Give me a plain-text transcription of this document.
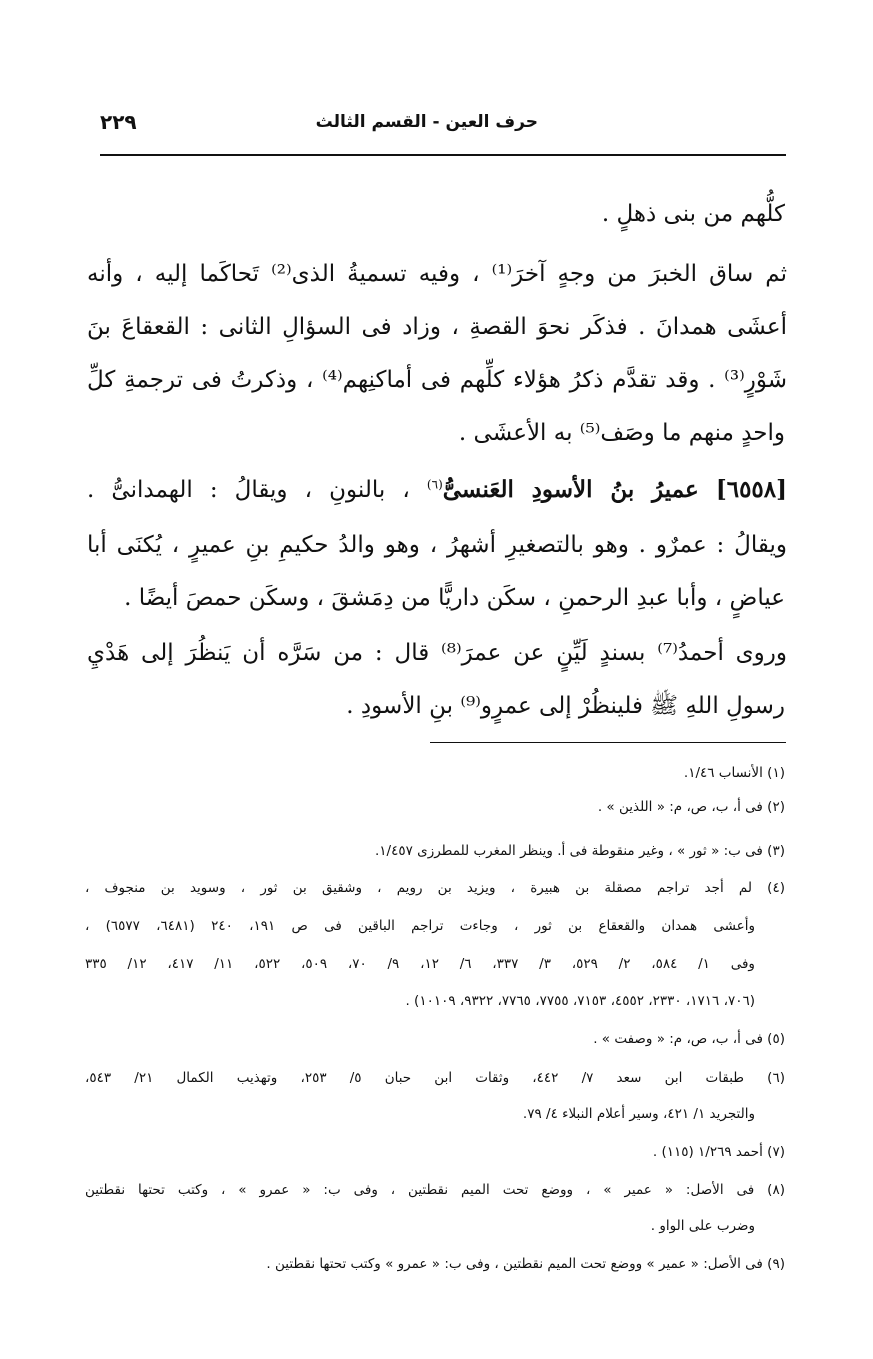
حرف العين - القسم الثالث
٢٢٩
كلُّهم من بنى ذهلٍ .
ثم ساق الخبرَ من وجهٍ آخرَ⁽¹⁾ ، وفيه تسميةُ الذى⁽²⁾ تَحاكَما إليه ، وأنه
أعشَى همدانَ . فذكَر نحوَ القصةِ ، وزاد فى السؤالِ الثانى : القعقاعَ بنَ
شَوْرٍ⁽³⁾ . وقد تقدَّم ذكرُ هؤلاء كلِّهم فى أماكنِهم⁽⁴⁾ ، وذكرتُ فى ترجمةِ كلِّ
واحدٍ منهم ما وصَف⁽⁵⁾ به الأعشَى .
[٦٥٥٨] عميرُ بنُ الأسودِ العَنسىُّ$^{(٦)}$ ، بالنونِ ، ويقالُ : الهمدانىُّ .
ويقالُ : عمرٌو . وهو بالتصغيرِ أشهرُ ، وهو والدُ حكيمِ بنِ عميرٍ ، يُكنَى أبا
عياضٍ ، وأبا عبدِ الرحمنِ ، سكَن داريًّا من دِمَشقَ ، وسكَن حمصَ أيضًا .
وروى أحمدُ⁽⁷⁾ بسندٍ لَيِّنٍ عن عمرَ⁽⁸⁾ قال : من سَرَّه أن يَنظُرَ إلى هَدْيِ
رسولِ اللهِ ﷺ فلينظُرْ إلى عمرٍو⁽⁹⁾ بنِ الأسودِ .
(١) الأنساب ١/٤٦.
(٢) فى أ، ب، ص، م: « اللذين » .
(٣) فى ب: « ثور » ، وغير منقوطة فى أ. وينظر المغرب للمطرزى ١/٤٥٧.
(٤) لم أجد تراجم مصقلة بن هبيرة ، ويزيد بن رويم ، وشقيق بن ثور ، وسويد بن منجوف ،
وأعشى همدان والقعقاع بن ثور ، وجاءت تراجم الباقين فى ص ١٩١، ٢٤٠ (٦٤٨١، ٦٥٧٧) ،
وفى ١/ ٥٨٤، ٢/ ٥٢٩، ٣/ ٣٣٧، ٦/ ١٢، ٩/ ٧٠، ٥٠٩، ٥٢٢، ١١/ ٤١٧، ١٢/ ٣٣٥
(٧٠٦، ١٧١٦، ٢٣٣٠، ٤٥٥٢، ٧١٥٣، ٧٧٥٥، ٧٧٦٥، ٩٣٢٢، ١٠١٠٩) .
(٥) فى أ، ب، ص، م: « وصفت » .
(٦) طبقات ابن سعد ٧/ ٤٤٢، وثقات ابن حبان ٥/ ٢٥٣، وتهذيب الكمال ٢١/ ٥٤٣،
والتجريد ١/ ٤٢١، وسير أعلام النبلاء ٤/ ٧٩.
(٧) أحمد ١/٢٦٩ (١١٥) .
(٨) فى الأصل: « عمير » ، ووضع تحت الميم نقطتين ، وفى ب: « عمرو » ، وكتب تحتها نقطتين
وضرب على الواو .
(٩) فى الأصل: « عمير » ووضع تحت الميم نقطتين ، وفى ب: « عمرو » وكتب تحتها نقطتين .
